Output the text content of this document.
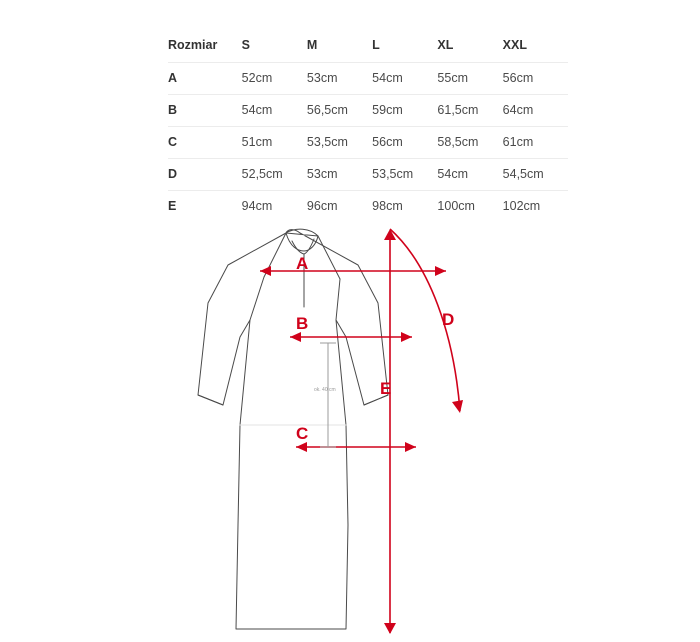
Rozmiar	S	M	L	XL	XXL
A	52cm	53cm	54cm	55cm	56cm
B	54cm	56,5cm	59cm	61,5cm	64cm
C	51cm	53,5cm	56cm	58,5cm	61cm
D	52,5cm	53cm	53,5cm	54cm	54,5cm
E	94cm	96cm	98cm	100cm	102cm
A
B
C
D
E
ok. 40 cm
